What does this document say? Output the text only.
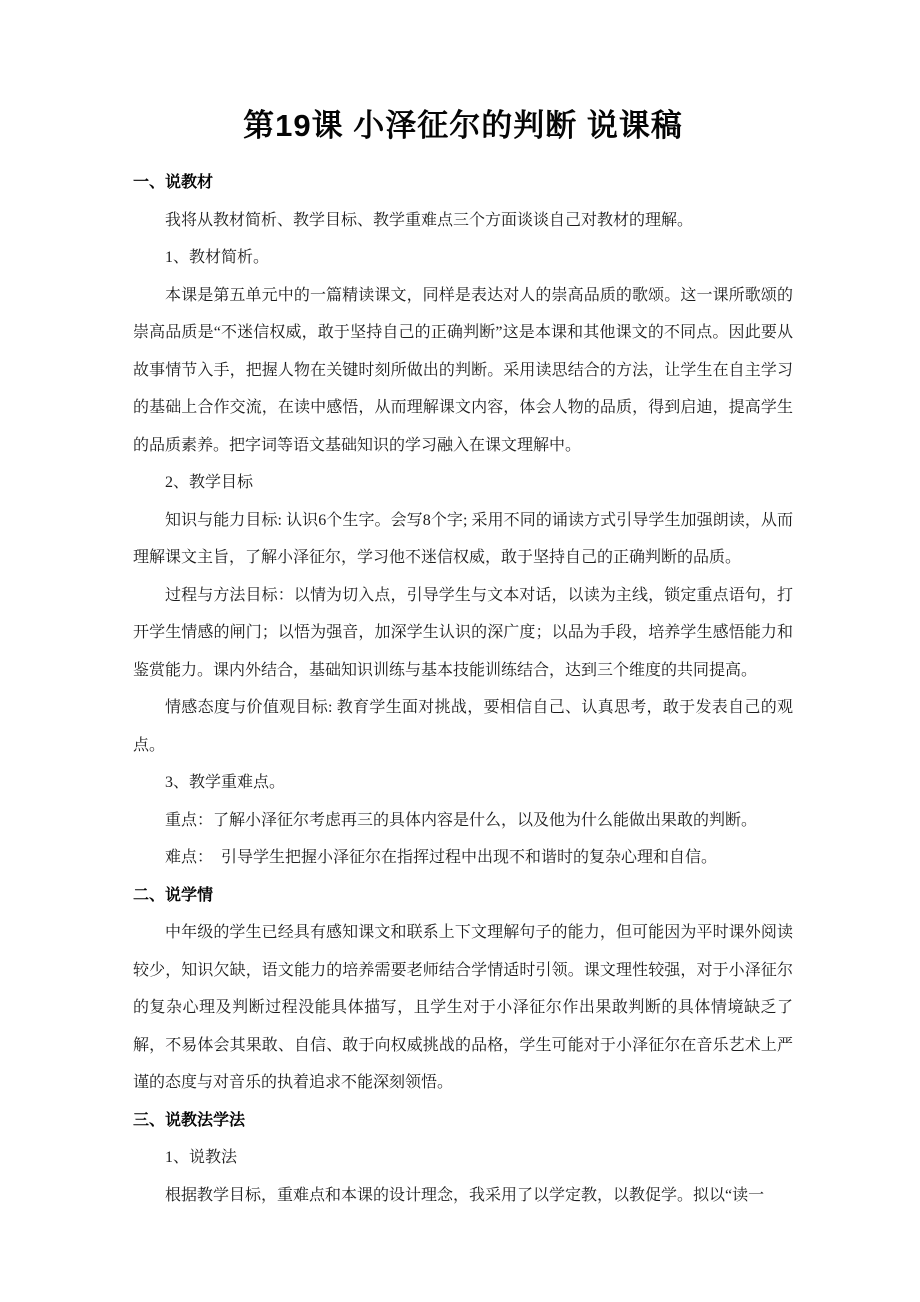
第19课 小泽征尔的判断 说课稿

一、说教材

我将从教材简析、教学目标、教学重难点三个方面谈谈自己对教材的理解。

1、教材简析。

本课是第五单元中的一篇精读课文，同样是表达对人的崇高品质的歌颂。这一课所歌颂的崇高品质是“不迷信权威，敢于坚持自己的正确判断”这是本课和其他课文的不同点。因此要从故事情节入手，把握人物在关键时刻所做出的判断。采用读思结合的方法，让学生在自主学习的基础上合作交流，在读中感悟，从而理解课文内容，体会人物的品质，得到启迪，提高学生的品质素养。把字词等语文基础知识的学习融入在课文理解中。

2、教学目标

知识与能力目标: 认识6个生字。会写8个字; 采用不同的诵读方式引导学生加强朗读，从而理解课文主旨，了解小泽征尔，学习他不迷信权威，敢于坚持自己的正确判断的品质。

过程与方法目标：以情为切入点，引导学生与文本对话，以读为主线，锁定重点语句，打开学生情感的闸门；以悟为强音，加深学生认识的深广度；以品为手段，培养学生感悟能力和鉴赏能力。课内外结合，基础知识训练与基本技能训练结合，达到三个维度的共同提高。

情感态度与价值观目标: 教育学生面对挑战，要相信自己、认真思考，敢于发表自己的观点。

3、教学重难点。

重点：了解小泽征尔考虑再三的具体内容是什么，以及他为什么能做出果敢的判断。

难点：　引导学生把握小泽征尔在指挥过程中出现不和谐时的复杂心理和自信。

二、说学情

中年级的学生已经具有感知课文和联系上下文理解句子的能力，但可能因为平时课外阅读较少，知识欠缺，语文能力的培养需要老师结合学情适时引领。课文理性较强，对于小泽征尔的复杂心理及判断过程没能具体描写，且学生对于小泽征尔作出果敢判断的具体情境缺乏了解，不易体会其果敢、自信、敢于向权威挑战的品格，学生可能对于小泽征尔在音乐艺术上严谨的态度与对音乐的执着追求不能深刻领悟。

三、说教法学法

1、说教法

根据教学目标，重难点和本课的设计理念，我采用了以学定教，以教促学。拟以“读一
